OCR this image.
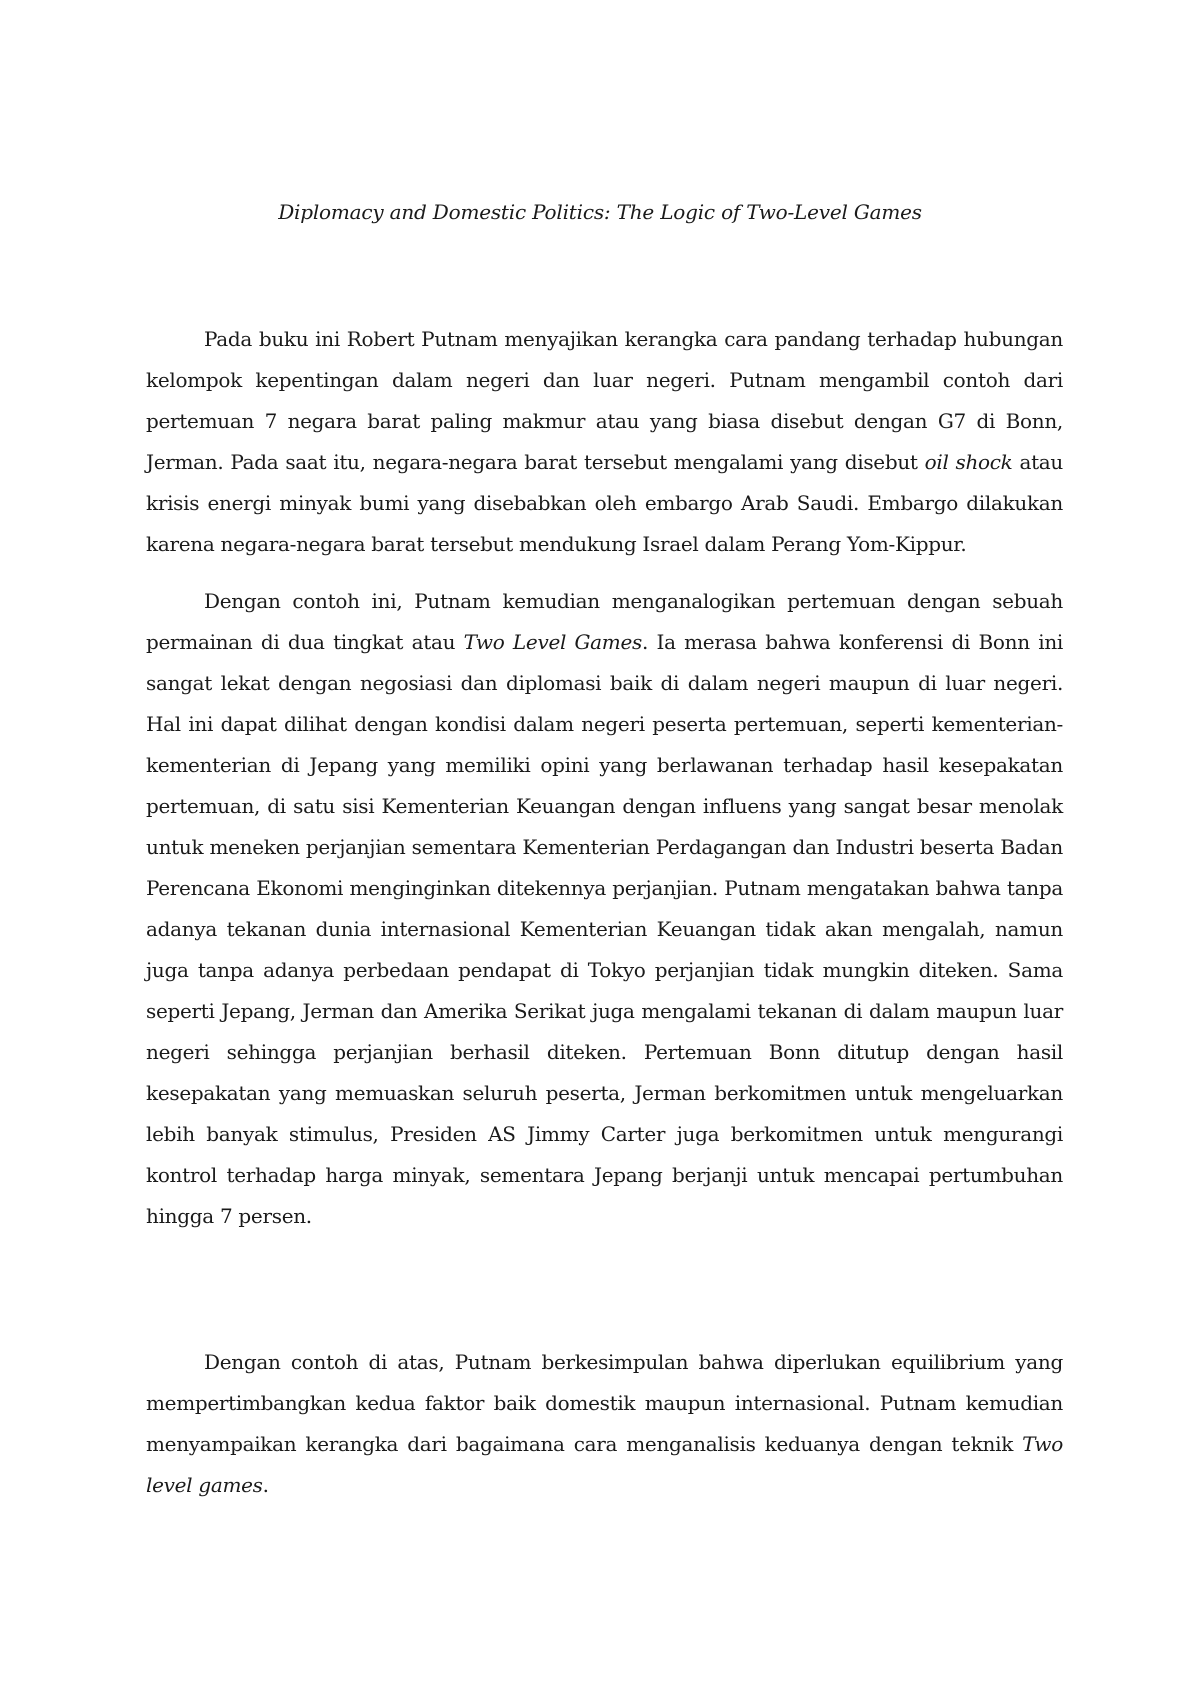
Diplomacy and Domestic Politics: The Logic of Two-Level Games

Pada buku ini Robert Putnam menyajikan kerangka cara pandang terhadap hubungan kelompok kepentingan dalam negeri dan luar negeri. Putnam mengambil contoh dari pertemuan 7 negara barat paling makmur atau yang biasa disebut dengan G7 di Bonn, Jerman. Pada saat itu, negara-negara barat tersebut mengalami yang disebut oil shock atau krisis energi minyak bumi yang disebabkan oleh embargo Arab Saudi. Embargo dilakukan karena negara-negara barat tersebut mendukung Israel dalam Perang Yom-Kippur.

Dengan contoh ini, Putnam kemudian menganalogikan pertemuan dengan sebuah permainan di dua tingkat atau Two Level Games. Ia merasa bahwa konferensi di Bonn ini sangat lekat dengan negosiasi dan diplomasi baik di dalam negeri maupun di luar negeri. Hal ini dapat dilihat dengan kondisi dalam negeri peserta pertemuan, seperti kementerian-kementerian di Jepang yang memiliki opini yang berlawanan terhadap hasil kesepakatan pertemuan, di satu sisi Kementerian Keuangan dengan influens yang sangat besar menolak untuk meneken perjanjian sementara Kementerian Perdagangan dan Industri beserta Badan Perencana Ekonomi menginginkan ditekennya perjanjian. Putnam mengatakan bahwa tanpa adanya tekanan dunia internasional Kementerian Keuangan tidak akan mengalah, namun juga tanpa adanya perbedaan pendapat di Tokyo perjanjian tidak mungkin diteken. Sama seperti Jepang, Jerman dan Amerika Serikat juga mengalami tekanan di dalam maupun luar negeri sehingga perjanjian berhasil diteken. Pertemuan Bonn ditutup dengan hasil kesepakatan yang memuaskan seluruh peserta, Jerman berkomitmen untuk mengeluarkan lebih banyak stimulus, Presiden AS Jimmy Carter juga berkomitmen untuk mengurangi kontrol terhadap harga minyak, sementara Jepang berjanji untuk mencapai pertumbuhan hingga 7 persen.

Dengan contoh di atas, Putnam berkesimpulan bahwa diperlukan equilibrium yang mempertimbangkan kedua faktor baik domestik maupun internasional. Putnam kemudian menyampaikan kerangka dari bagaimana cara menganalisis keduanya dengan teknik Two level games.
